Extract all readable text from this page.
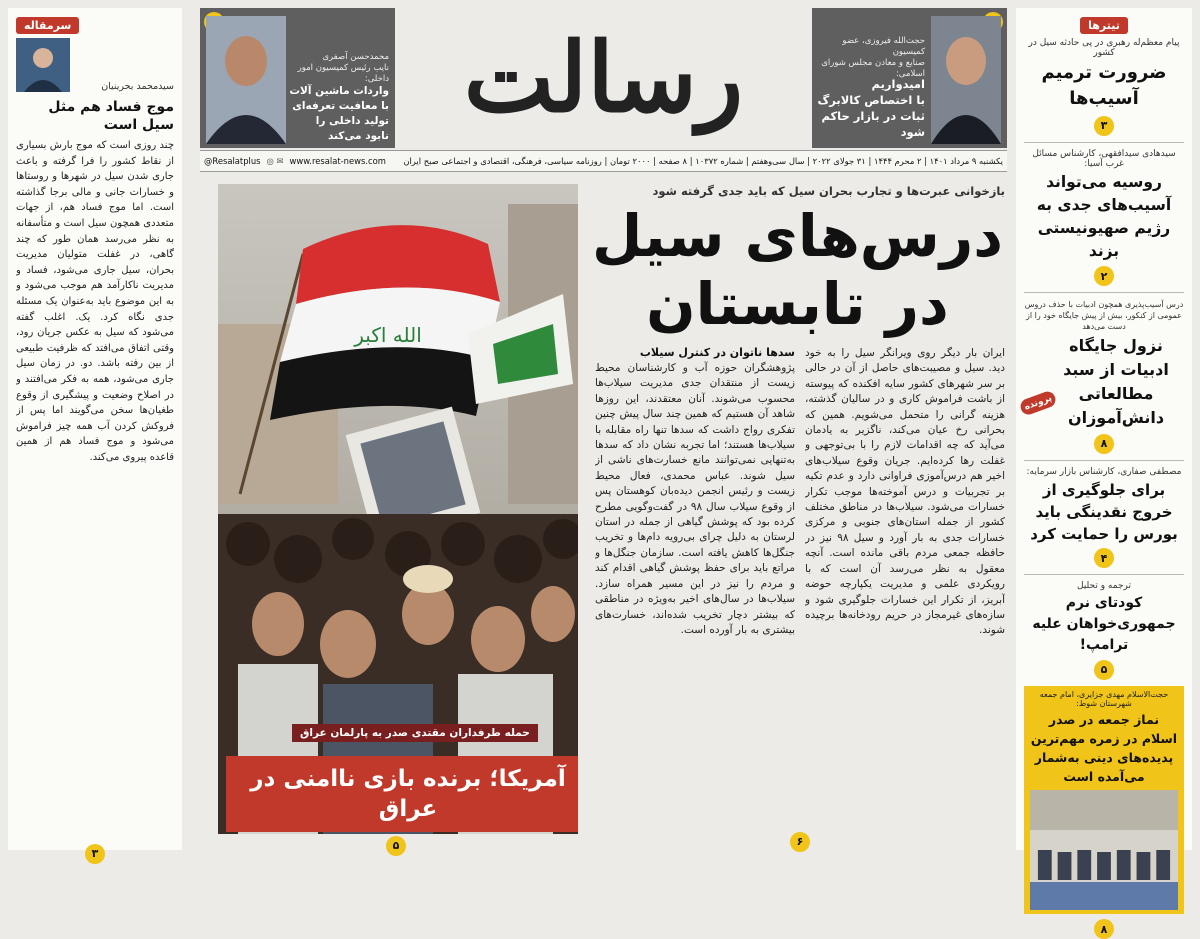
سرمقاله
سیدمحمد بحرینیان
موج فساد هم مثل سیل است
چند روزی است که موج بارش بسیاری از نقاط کشور را فرا گرفته و باعث جاری شدن سیل در شهرها و روستاها و خسارات جانی و مالی برجا گذاشته است. اما موج فساد هم، از جهات متعددی همچون سیل است و متأسفانه به نظر می‌رسد همان طور که چند گاهی، در غفلت متولیان مدیریت بحران، سیل جاری می‌شود، فساد و مدیریت ناکارآمد هم موجب می‌شود و به این موضوع باید به‌عنوان یک مسئله جدی نگاه کرد. یک. اغلب گفته می‌شود که سیل به عکس جریان رود، وقتی اتفاق می‌افتد که ظرفیت طبیعی از بین رفته باشد. دو. در زمان سیل جاری می‌شود، همه به فکر می‌افتند و در اصلاح وضعیت و پیشگیری از وقوع طغیان‌ها سخن می‌گویند اما پس از فروکش کردن آب همه چیز فراموش می‌شود و موج فساد هم از همین قاعده پیروی می‌کند.
۳
حجت‌الله فیروزی، عضو کمیسیون
صنایع و معادن مجلس شورای اسلامی:
امیدواریم
با اختصاص کالابرگ
ثبات در بازار حاکم شود
محمدحسن آصفری
نایب رئیس کمیسیون امور داخلی:
واردات ماشین آلات
با معافیت تعرفه‌ای
تولید داخلی را نابود می‌کند
رسالت
یکشنبه ۹ مرداد ۱۴۰۱ | ۲ محرم ۱۴۴۴ | ۳۱ جولای ۲۰۲۲ | سال سی‌وهفتم | شماره ۱۰۳۷۲ | ۸ صفحه | ۲۰۰۰ تومان | روزنامه سیاسی، فرهنگی، اقتصادی و اجتماعی صبح ایران
www.resalat-news.com
◎ ✉
@Resalatplus
الله اکبر
حمله طرفداران مقتدی صدر به پارلمان عراق
آمریکا؛ برنده بازی ناامنی در عراق
۵
بازخوانی عبرت‌ها و تجارب بحران سیل که باید جدی گرفته شود
درس‌های سیل
در تابستان
ایران بار دیگر روی ویرانگر سیل را به خود دید. سیل و مصیبت‌های حاصل از آن در حالی بر سر شهرهای کشور سایه افکنده که پیوسته از باشت فراموش کاری و در سالیان گذشته، هزینه گرانی را متحمل می‌شویم. همین که بحرانی رخ عیان می‌کند، ناگزیر به یادمان می‌آید که چه اقدامات لازم را با بی‌توجهی و غفلت رها کرده‌ایم. جریان وقوع سیلاب‌های اخیر هم درس‌آموزی فراوانی دارد و عدم تکیه بر تجربیات و درس آموخته‌ها موجب تکرار خسارات می‌شود. سیلاب‌ها در مناطق مختلف کشور از جمله استان‌های جنوبی و مرکزی خسارات جدی به بار آورد و سیل ۹۸ نیز در حافظه جمعی مردم باقی مانده است. آنچه معقول به نظر می‌رسد آن است که با رویکردی علمی و مدیریت یکپارچه حوضه آبریز، از تکرار این خسارات جلوگیری شود و سازه‌های غیرمجاز در حریم رودخانه‌ها برچیده شوند.
سدها ناتوان در کنترل سیلاب
پژوهشگران حوزه آب و کارشناسان محیط زیست از منتقدان جدی مدیریت سیلاب‌ها محسوب می‌شوند. آنان معتقدند، این روزها شاهد آن هستیم که همین چند سال پیش چنین تفکری رواج داشت که سدها تنها راه مقابله با سیلاب‌ها هستند؛ اما تجربه نشان داد که سدها به‌تنهایی نمی‌توانند مانع خسارت‌های ناشی از سیل شوند. عباس محمدی، فعال محیط زیست و رئیس انجمن دیده‌بان کوهستان پس از وقوع سیلاب سال ۹۸ در گفت‌وگویی مطرح کرده بود که پوشش گیاهی از جمله در استان لرستان به دلیل چرای بی‌رویه دام‌ها و تخریب جنگل‌ها کاهش یافته است. سازمان جنگل‌ها و مراتع باید برای حفظ پوشش گیاهی اقدام کند و مردم را نیز در این مسیر همراه سازد. سیلاب‌ها در سال‌های اخیر به‌ویژه در مناطقی که بیشتر دچار تخریب شده‌اند، خسارت‌های بیشتری به بار آورده است.
۶
تیترها
پیام معظم‌له رهبری در پی حادثه سیل در کشور
ضرورت ترمیم آسیب‌ها
۳
سیدهادی سیدافقهی، کارشناس مسائل غرب آسیا:
روسیه می‌تواند آسیب‌های جدی به رژیم صهیونیستی بزند
۲
درس آسیب‌پذیری همچون ادبیات با حذف دروس عمومی از کنکور، بیش از پیش جایگاه خود را از دست می‌دهد
نزول جایگاه ادبیات از سبد مطالعاتی دانش‌آموزان
پرونده
۸
مصطفی صفاری، کارشناس بازار سرمایه:
برای جلوگیری از خروج نقدینگی باید بورس را حمایت کرد
۴
ترجمه و تحلیل
کودتای نرم جمهوری‌خواهان علیه ترامپ!
۵
حجت‌الاسلام مهدی جزایری، امام جمعه شهرستان شوط:
نماز جمعه در صدر اسلام در زمره مهم‌ترین پدیده‌های دینی به‌شمار می‌آمده است
۸
